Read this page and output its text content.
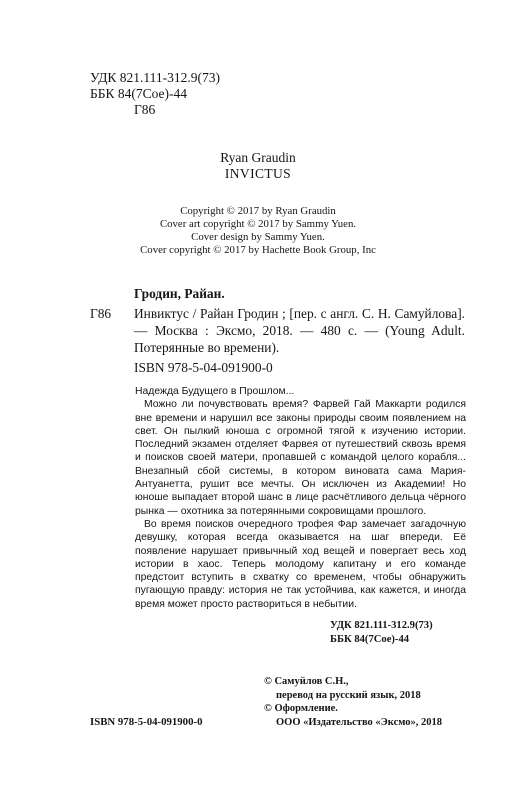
УДК 821.111-312.9(73)
ББК 84(7Сое)-44
Г86
Ryan Graudin
INVICTUS
Copyright © 2017 by Ryan Graudin
Cover art copyright © 2017 by Sammy Yuen.
Cover design by Sammy Yuen.
Cover copyright © 2017 by Hachette Book Group, Inc
Гродин, Райан.
Г86	Инвиктус / Райан Гродин ; [пер. с англ. С. Н. Самуйлова]. — Москва : Эксмо, 2018. — 480 с. — (Young Adult. Потерянные во времени).
ISBN 978-5-04-091900-0

Надежда Будущего в Прошлом...

Можно ли почувствовать время? Фарвей Гай Маккарти родился вне времени и нарушил все законы природы своим появлением на свет. Он пылкий юноша с огромной тягой к изучению истории. Последний экзамен отделяет Фарвея от путешествий сквозь время и поисков своей матери, пропавшей с командой целого корабля... Внезапный сбой системы, в котором виновата сама Мария-Антуанетта, рушит все мечты. Он исключен из Академии! Но юноше выпадает второй шанс в лице расчётливого дельца чёрного рынка — охотника за потерянными сокровищами прошлого.

Во время поисков очередного трофея Фар замечает загадочную девушку, которая всегда оказывается на шаг впереди. Её появление нарушает привычный ход вещей и повергает весь ход истории в хаос. Теперь молодому капитану и его команде предстоит вступить в схватку со временем, чтобы обнаружить пугающую правду: история не так устойчива, как кажется, и иногда время может просто раствориться в небытии.

УДК 821.111-312.9(73)
ББК 84(7Сое)-44
© Самуйлов С.Н.,
перевод на русский язык, 2018
© Оформление.
ООО «Издательство «Эксмо», 2018
ISBN 978-5-04-091900-0
